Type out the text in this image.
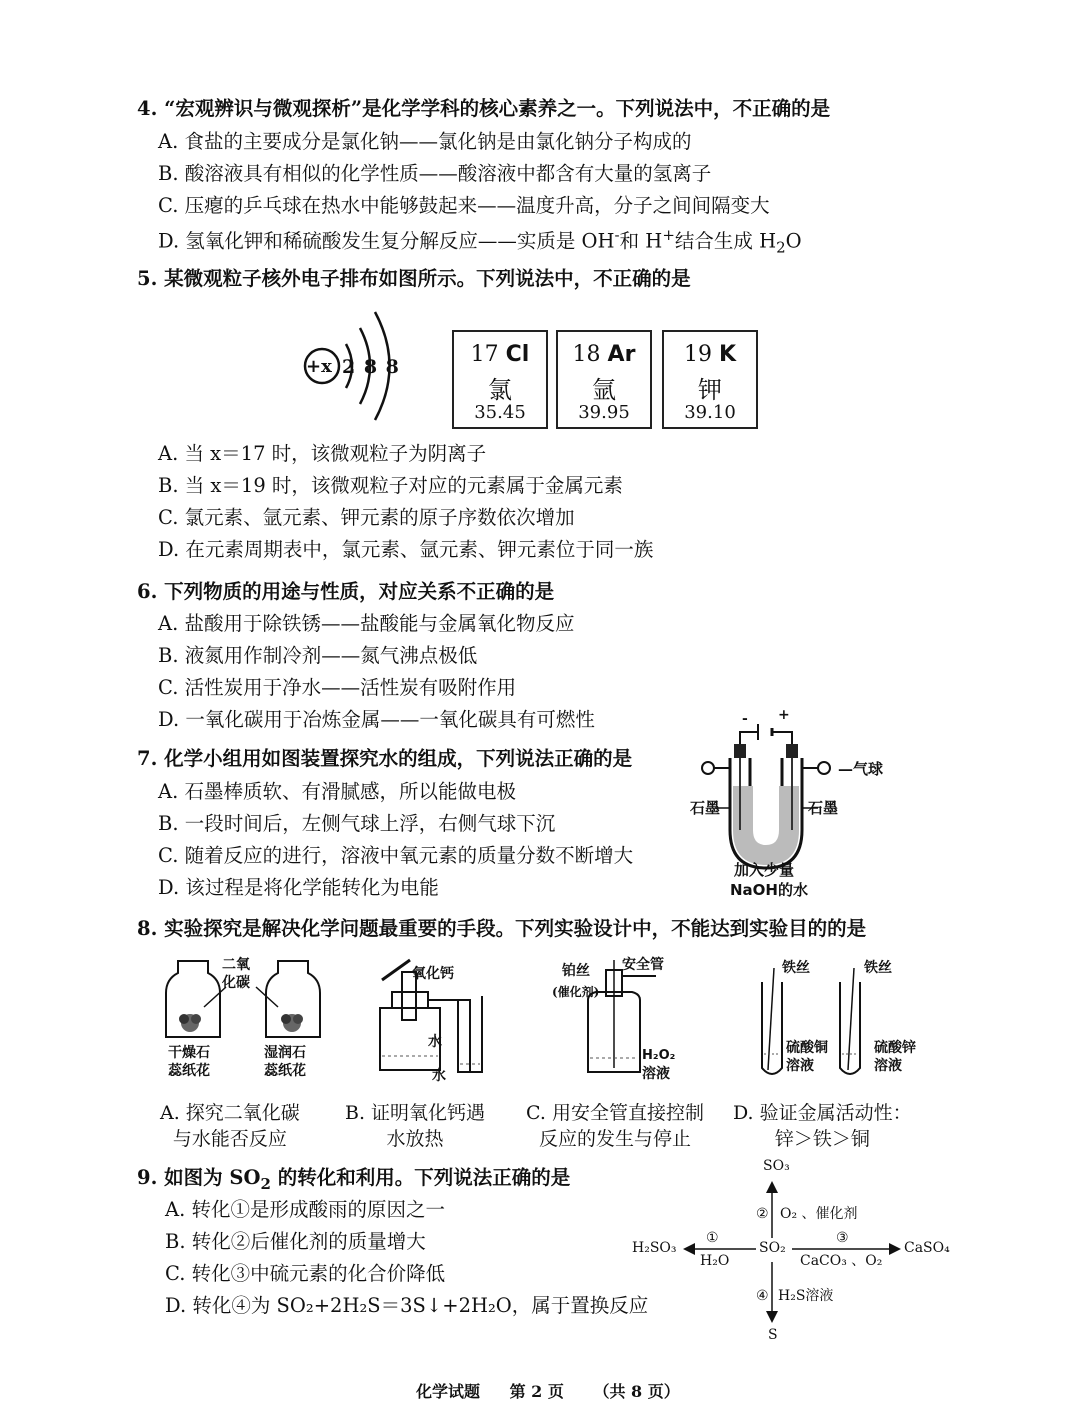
4. “宏观辨识与微观探析”是化学学科的核心素养之一。下列说法中，不正确的是
A. 食盐的主要成分是氯化钠——氯化钠是由氯化钠分子构成的
B. 酸溶液具有相似的化学性质——酸溶液中都含有大量的氢离子
C. 压瘪的乒乓球在热水中能够鼓起来——温度升高，分子之间间隔变大
D. 氢氧化钾和稀硫酸发生复分解反应——实质是 OH-和 H+结合生成 $H_2O$
5. 某微观粒子核外电子排布如图所示。下列说法中，不正确的是
+x 2 8 8	17 Cl
氯
35.45
18 Ar
氩
39.95
19 K
钾
39.10
A. 当 x＝17 时，该微观粒子为阴离子
B. 当 x＝19 时，该微观粒子对应的元素属于金属元素
C. 氯元素、氩元素、钾元素的原子序数依次增加
D. 在元素周期表中，氯元素、氩元素、钾元素位于同一族
6. 下列物质的用途与性质，对应关系不正确的是
A. 盐酸用于除铁锈——盐酸能与金属氧化物反应
B. 液氮用作制冷剂——氮气沸点极低
C. 活性炭用于净水——活性炭有吸附作用
D. 一氧化碳用于冶炼金属——一氧化碳具有可燃性
7. 化学小组用如图装置探究水的组成，下列说法正确的是
A. 石墨棒质软、有滑腻感，所以能做电极
B. 一段时间后，左侧气球上浮，右侧气球下沉
C. 随着反应的进行，溶液中氧元素的质量分数不断增大
D. 该过程是将化学能转化为电能
- +
—气球
石墨	石墨
加入少量
NaOH的水
8. 实验探究是解决化学问题最重要的手段。下列实验设计中，不能达到实验目的的是
二氧
化碳
干燥石
蕊纸花
湿润石
蕊纸花
氧化钙
水
水
铂丝
(催化剂)
安全管
H₂O₂
溶液
铁丝	铁丝
硫酸铜
溶液
硫酸锌
溶液
A. 探究二氧化碳
与水能否反应
B. 证明氧化钙遇
水放热
C. 用安全管直接控制
反应的发生与停止
D. 验证金属活动性：
锌＞铁＞铜
9. 如图为 $SO_2$ 的转化和利用。下列说法正确的是
A. 转化①是形成酸雨的原因之一
B. 转化②后催化剂的质量增大
C. 转化③中硫元素的化合价降低
D. 转化④为 SO₂+2H₂S＝3S↓+2H₂O，属于置换反应
SO₃
SO₂
H₂SO₃	CaSO₄
S
② O₂ 、催化剂
①
H₂O
③
CaCO₃ 、O₂
④ H₂S溶液
化学试题 第 2 页 （共 8 页）
